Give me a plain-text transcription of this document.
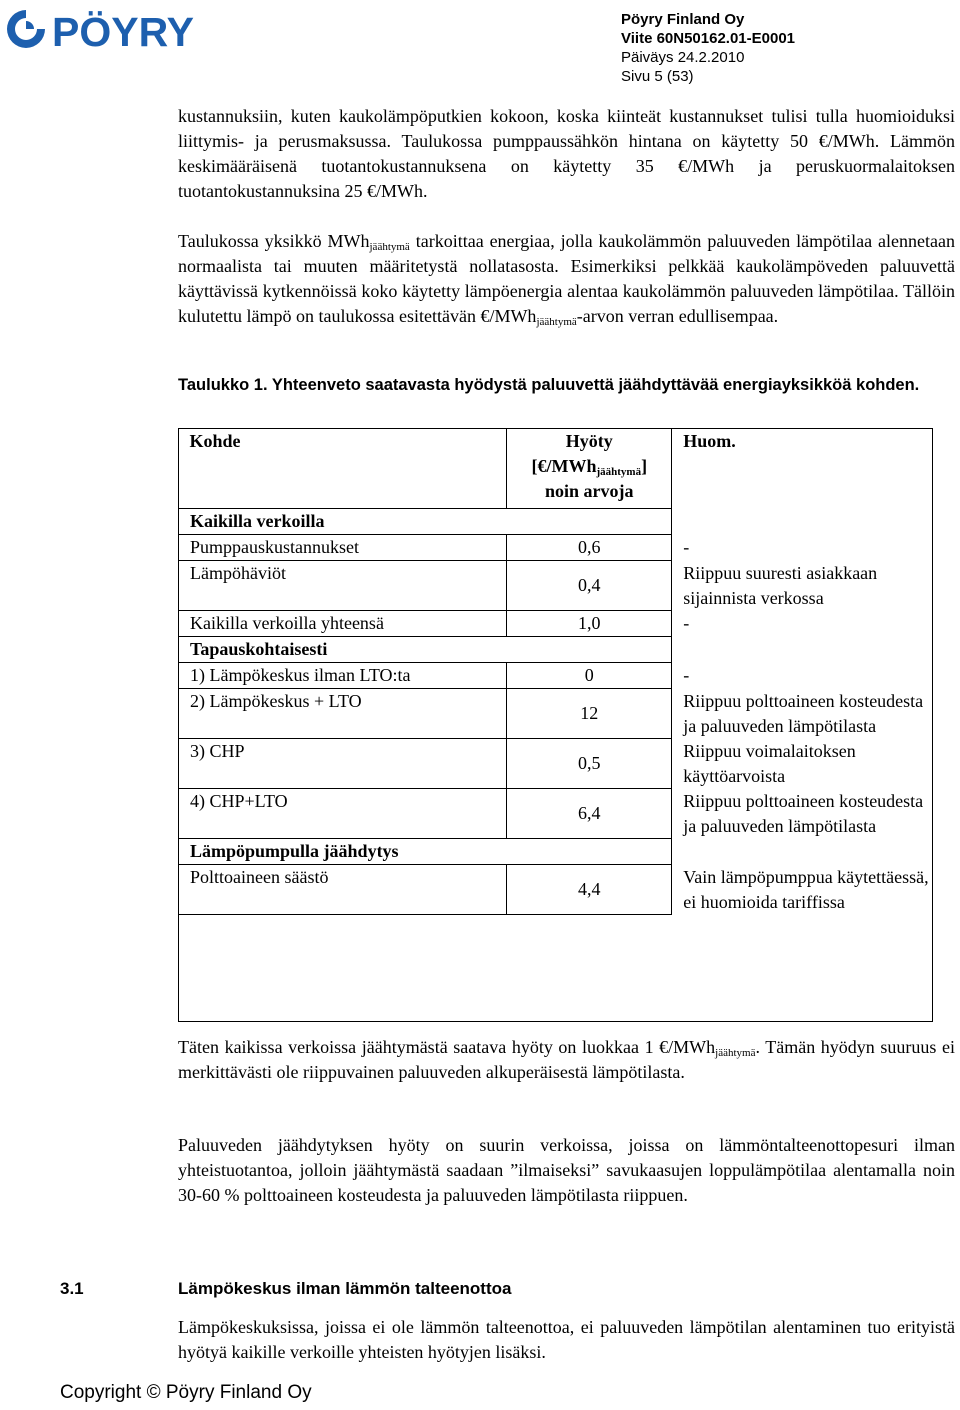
PÖYRY	Pöyry Finland Oy
Viite 60N50162.01-E0001
Päiväys 24.2.2010
Sivu 5 (53)

kustannuksiin, kuten kaukolämpöputkien kokoon, koska kiinteät kustannukset tulisi tulla huomioiduksi liittymis- ja perusmaksussa. Taulukossa pumppaussähkön hintana on käytetty 50 €/MWh. Lämmön keskimääräisenä tuotantokustannuksena on käytetty 35 €/MWh ja peruskuormalaitoksen tuotantokustannuksina 25 €/MWh.

Taulukossa yksikkö MWh$_{jäähtymä}$ tarkoittaa energiaa, jolla kaukolämmön paluuveden lämpötilaa alennetaan normaalista tai muuten määritetystä nollatasosta. Esimerkiksi pelkkää kaukolämpöveden paluuvettä käyttävissä kytkennöissä koko käytetty lämpöenergia alentaa kaukolämmön paluuveden lämpötilaa. Tällöin kulutettu lämpö on taulukossa esitettävän €/MWh$_{jäähtymä}$-arvon verran edullisempaa.

Taulukko 1. Yhteenveto saatavasta hyödystä paluuvettä jäähdyttävää energiayksikköä kohden.
Kohde	Hyöty
[€/MWh$_{jäähtymä}$]
noin arvoja	Huom.
Kaikilla verkoilla		
Pumppauskustannukset	0,6	-
Lämpöhäviöt	0,4	Riippuu suuresti asiakkaan sijainnista verkossa
Kaikilla verkoilla yhteensä	1,0	-
Tapauskohtaisesti		
1) Lämpökeskus ilman LTO:ta	0	-
2) Lämpökeskus + LTO	12	Riippuu polttoaineen kosteudesta ja paluuveden lämpötilasta
3) CHP	0,5	Riippuu voimalaitoksen käyttöarvoista
4) CHP+LTO	6,4	Riippuu polttoaineen kosteudesta ja paluuveden lämpötilasta
Lämpöpumpulla jäähdytys		
Polttoaineen säästö	4,4	Vain lämpöpumppua käytettäessä, ei huomioida tariffissa

Täten kaikissa verkoissa jäähtymästä saatava hyöty on luokkaa 1 €/MWh$_{jäähtymä}$. Tämän hyödyn suuruus ei merkittävästi ole riippuvainen paluuveden alkuperäisestä lämpötilasta.

Paluuveden jäähdytyksen hyöty on suurin verkoissa, joissa on lämmöntalteenottopesuri ilman yhteistuotantoa, jolloin jäähtymästä saadaan ”ilmaiseksi” savukaasujen loppulämpötilaa alentamalla noin 30-60 % polttoaineen kosteudesta ja paluuveden lämpötilasta riippuen.

3.1	Lämpökeskus ilman lämmön talteenottoa

Lämpökeskuksissa, joissa ei ole lämmön talteenottoa, ei paluuveden lämpötilan alentaminen tuo erityistä hyötyä kaikille verkoille yhteisten hyötyjen lisäksi.

Copyright © Pöyry Finland Oy
